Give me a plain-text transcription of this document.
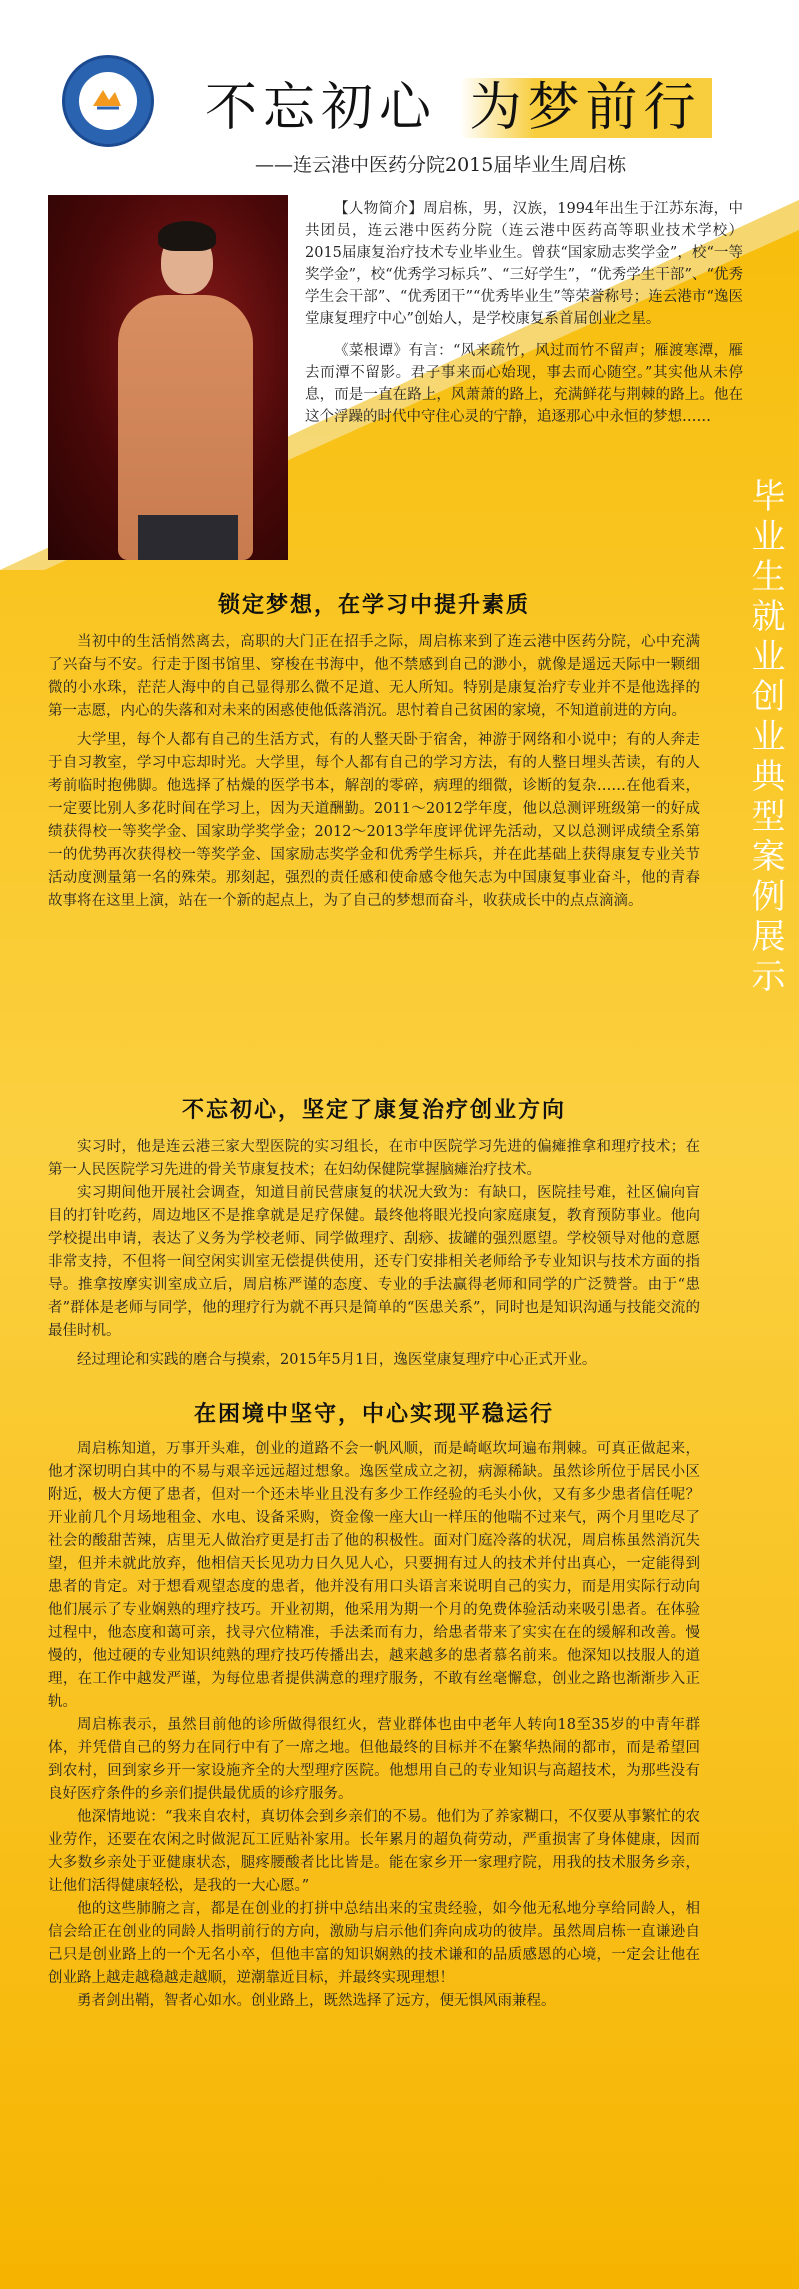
不忘初心 为梦前行
——连云港中医药分院2015届毕业生周启栋

【人物简介】周启栋，男，汉族，1994年出生于江苏东海，中共团员，连云港中医药分院（连云港中医药高等职业技术学校）2015届康复治疗技术专业毕业生。曾获“国家励志奖学金”，校“一等奖学金”，校“优秀学习标兵”、“三好学生”，“优秀学生干部”、“优秀学生会干部”、“优秀团干”“优秀毕业生”等荣誉称号；连云港市“逸医堂康复理疗中心”创始人，是学校康复系首届创业之星。

《菜根谭》有言：“风来疏竹，风过而竹不留声；雁渡寒潭，雁去而潭不留影。君子事来而心始现，事去而心随空。”其实他从未停息，而是一直在路上，风萧萧的路上，充满鲜花与荆棘的路上。他在这个浮躁的时代中守住心灵的宁静，追逐那心中永恒的梦想……

毕业生就业创业典型案例展示
锁定梦想，在学习中提升素质

当初中的生活悄然离去，高职的大门正在招手之际，周启栋来到了连云港中医药分院，心中充满了兴奋与不安。行走于图书馆里、穿梭在书海中，他不禁感到自己的渺小，就像是遥远天际中一颗细微的小水珠，茫茫人海中的自己显得那么微不足道、无人所知。特别是康复治疗专业并不是他选择的第一志愿，内心的失落和对未来的困惑使他低落消沉。思忖着自己贫困的家境，不知道前进的方向。

大学里，每个人都有自己的生活方式，有的人整天卧于宿舍，神游于网络和小说中；有的人奔走于自习教室，学习中忘却时光。大学里，每个人都有自己的学习方法，有的人整日埋头苦读，有的人考前临时抱佛脚。他选择了枯燥的医学书本，解剖的零碎，病理的细微，诊断的复杂……在他看来，一定要比别人多花时间在学习上，因为天道酬勤。2011～2012学年度，他以总测评班级第一的好成绩获得校一等奖学金、国家助学奖学金；2012～2013学年度评优评先活动，又以总测评成绩全系第一的优势再次获得校一等奖学金、国家励志奖学金和优秀学生标兵，并在此基础上获得康复专业关节活动度测量第一名的殊荣。那刻起，强烈的责任感和使命感令他矢志为中国康复事业奋斗，他的青春故事将在这里上演，站在一个新的起点上，为了自己的梦想而奋斗，收获成长中的点点滴滴。

不忘初心，坚定了康复治疗创业方向

实习时，他是连云港三家大型医院的实习组长，在市中医院学习先进的偏瘫推拿和理疗技术；在第一人民医院学习先进的骨关节康复技术；在妇幼保健院掌握脑瘫治疗技术。

实习期间他开展社会调查，知道目前民营康复的状况大致为：有缺口，医院挂号难，社区偏向盲目的打针吃药，周边地区不是推拿就是足疗保健。最终他将眼光投向家庭康复，教育预防事业。他向学校提出申请，表达了义务为学校老师、同学做理疗、刮痧、拔罐的强烈愿望。学校领导对他的意愿非常支持，不但将一间空闲实训室无偿提供使用，还专门安排相关老师给予专业知识与技术方面的指导。推拿按摩实训室成立后，周启栋严谨的态度、专业的手法赢得老师和同学的广泛赞誉。由于“患者”群体是老师与同学，他的理疗行为就不再只是简单的“医患关系”，同时也是知识沟通与技能交流的最佳时机。

经过理论和实践的磨合与摸索，2015年5月1日，逸医堂康复理疗中心正式开业。

在困境中坚守，中心实现平稳运行

周启栋知道，万事开头难，创业的道路不会一帆风顺，而是崎岖坎坷遍布荆棘。可真正做起来，他才深切明白其中的不易与艰辛远远超过想象。逸医堂成立之初，病源稀缺。虽然诊所位于居民小区附近，极大方便了患者，但对一个还未毕业且没有多少工作经验的毛头小伙，又有多少患者信任呢？开业前几个月场地租金、水电、设备采购，资金像一座大山一样压的他喘不过来气，两个月里吃尽了社会的酸甜苦辣，店里无人做治疗更是打击了他的积极性。面对门庭冷落的状况，周启栋虽然消沉失望，但并未就此放弃，他相信天长见功力日久见人心，只要拥有过人的技术并付出真心，一定能得到患者的肯定。对于想看观望态度的患者，他并没有用口头语言来说明自己的实力，而是用实际行动向他们展示了专业娴熟的理疗技巧。开业初期，他采用为期一个月的免费体验活动来吸引患者。在体验过程中，他态度和蔼可亲，找寻穴位精准，手法柔而有力，给患者带来了实实在在的缓解和改善。慢慢的，他过硬的专业知识纯熟的理疗技巧传播出去，越来越多的患者慕名前来。他深知以技服人的道理，在工作中越发严谨，为每位患者提供满意的理疗服务，不敢有丝毫懈怠，创业之路也渐渐步入正轨。

周启栋表示，虽然目前他的诊所做得很红火，营业群体也由中老年人转向18至35岁的中青年群体，并凭借自己的努力在同行中有了一席之地。但他最终的目标并不在繁华热闹的都市，而是希望回到农村，回到家乡开一家设施齐全的大型理疗医院。他想用自己的专业知识与高超技术，为那些没有良好医疗条件的乡亲们提供最优质的诊疗服务。

他深情地说：“我来自农村，真切体会到乡亲们的不易。他们为了养家糊口，不仅要从事繁忙的农业劳作，还要在农闲之时做泥瓦工匠贴补家用。长年累月的超负荷劳动，严重损害了身体健康，因而大多数乡亲处于亚健康状态，腿疼腰酸者比比皆是。能在家乡开一家理疗院，用我的技术服务乡亲，让他们活得健康轻松，是我的一大心愿。”

他的这些肺腑之言，都是在创业的打拼中总结出来的宝贵经验，如今他无私地分享给同龄人，相信会给正在创业的同龄人指明前行的方向，激励与启示他们奔向成功的彼岸。虽然周启栋一直谦逊自己只是创业路上的一个无名小卒，但他丰富的知识娴熟的技术谦和的品质感恩的心境，一定会让他在创业路上越走越稳越走越顺，逆潮靠近目标，并最终实现理想！

勇者剑出鞘，智者心如水。创业路上，既然选择了远方，便无惧风雨兼程。
